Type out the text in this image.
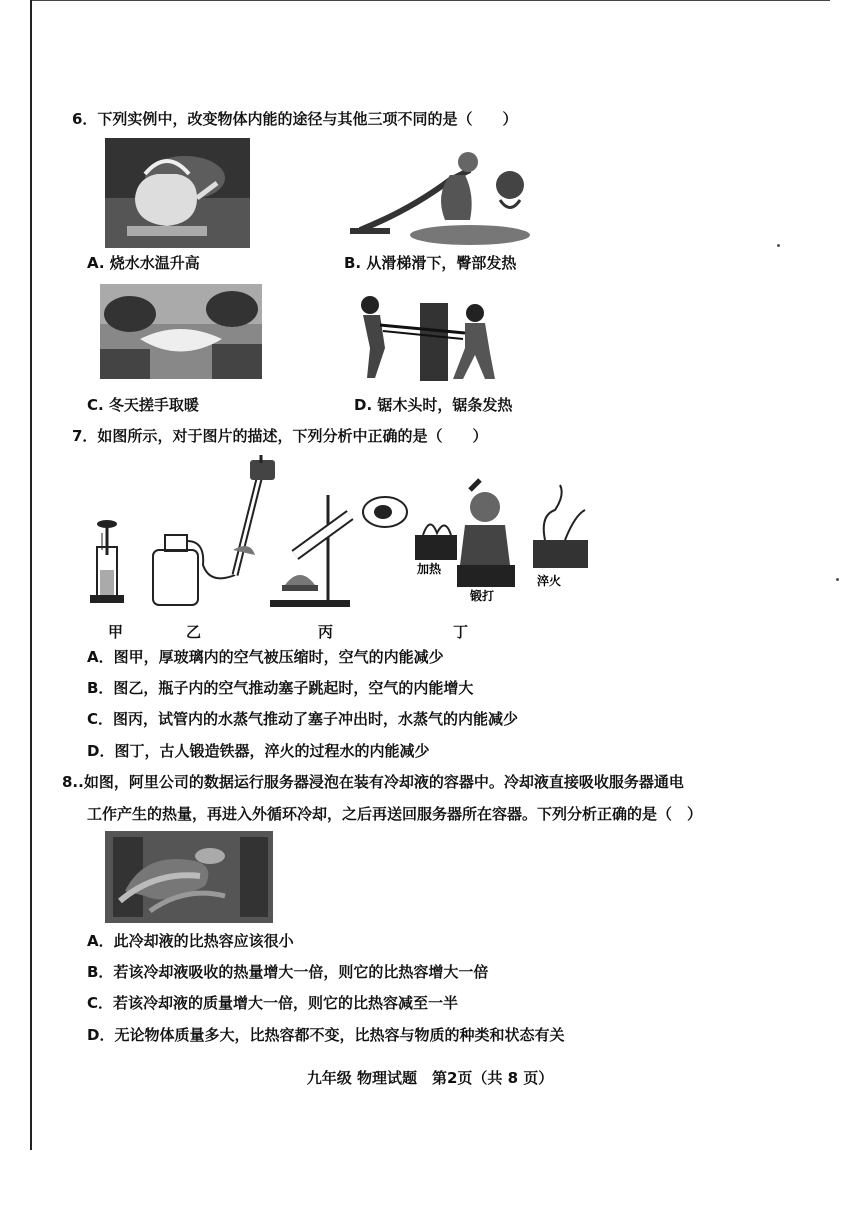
6．下列实例中，改变物体内能的途径与其他三项不同的是（　　）
A. 烧水水温升高	B. 从滑梯滑下，臀部发热
C. 冬天搓手取暖	D. 锯木头时，锯条发热
7．如图所示，对于图片的描述，下列分析中正确的是（　　）
加热
锻打
淬火
甲	乙	丙	丁
A．图甲，厚玻璃内的空气被压缩时，空气的内能减少
B．图乙，瓶子内的空气推动塞子跳起时，空气的内能增大
C．图丙，试管内的水蒸气推动了塞子冲出时，水蒸气的内能减少
D．图丁，古人锻造铁器，淬火的过程水的内能减少
8..如图，阿里公司的数据运行服务器浸泡在装有冷却液的容器中。冷却液直接吸收服务器通电
工作产生的热量，再进入外循环冷却，之后再送回服务器所在容器。下列分析正确的是（　）
A．此冷却液的比热容应该很小
B．若该冷却液吸收的热量增大一倍，则它的比热容增大一倍
C．若该冷却液的质量增大一倍，则它的比热容减至一半
D．无论物体质量多大，比热容都不变，比热容与物质的种类和状态有关
九年级 物理试题　第2页（共 8 页）
